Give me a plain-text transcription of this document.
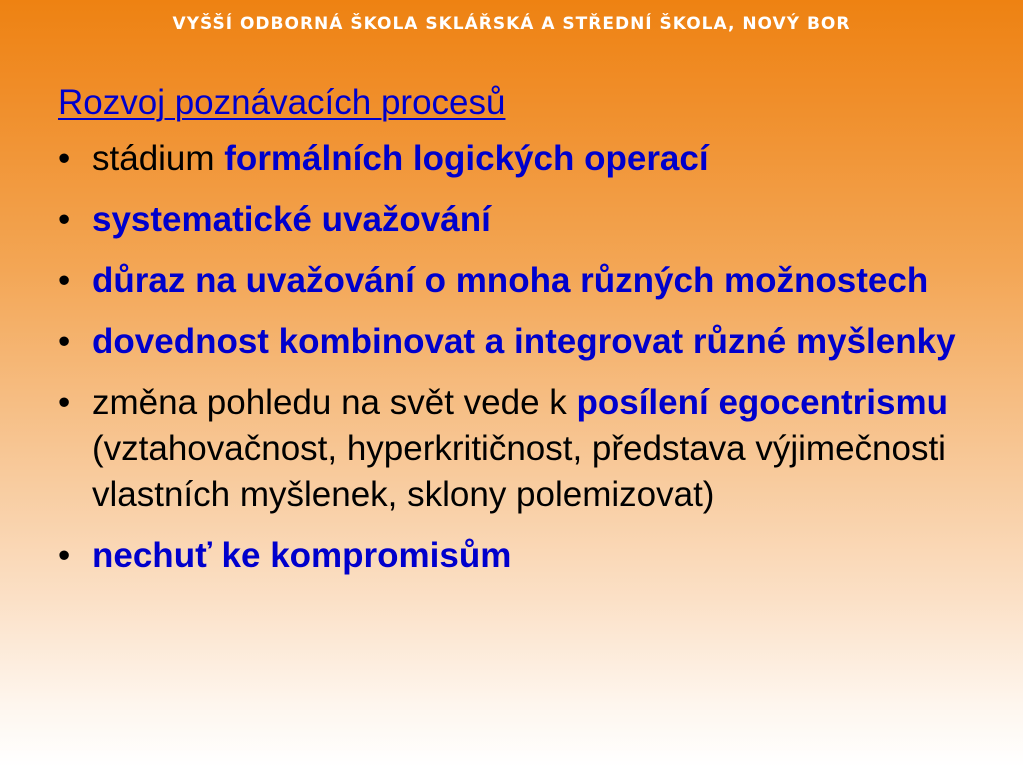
VYŠŠÍ ODBORNÁ ŠKOLA SKLÁŘSKÁ A STŘEDNÍ ŠKOLA, NOVÝ BOR
Rozvoj poznávacích procesů
• stádium formálních logických operací
• systematické uvažování
• důraz na uvažování o mnoha různých možnostech
• dovednost kombinovat a integrovat různé myšlenky
• změna pohledu na svět vede k posílení egocentrismu (vztahovačnost, hyperkritičnost, představa výjimečnosti vlastních myšlenek, sklony polemizovat)
• nechuť ke kompromisům
